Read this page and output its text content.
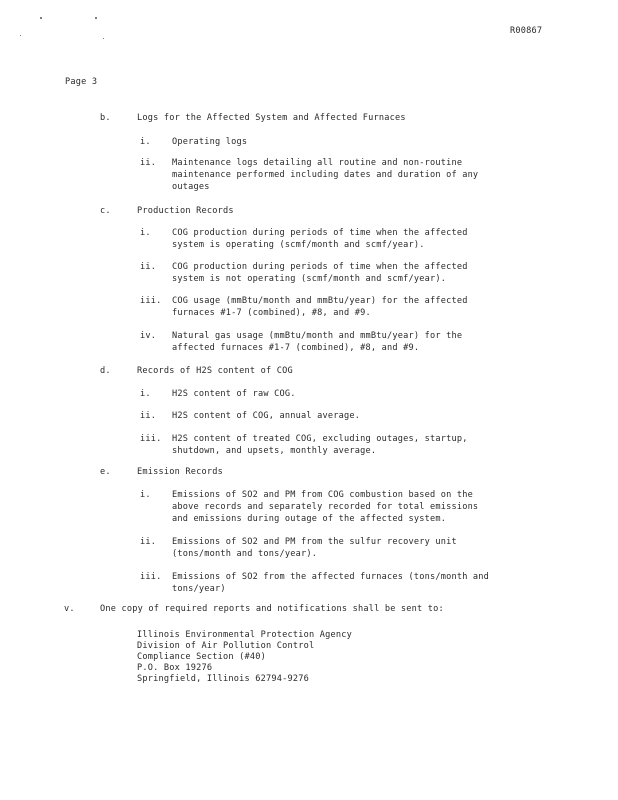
R00867
Page 3
b.	Logs for the Affected System and Affected Furnaces
i. Operating logs
ii. Maintenance logs detailing all routine and non-routine
maintenance performed including dates and duration of any
outages
c.	Production Records
i. COG production during periods of time when the affected
system is operating (scmf/month and scmf/year).
ii. COG production during periods of time when the affected
system is not operating (scmf/month and scmf/year).
iii. COG usage (mmBtu/month and mmBtu/year) for the affected
furnaces #1-7 (combined), #8, and #9.
iv. Natural gas usage (mmBtu/month and mmBtu/year) for the
affected furnaces #1-7 (combined), #8, and #9.
d.	Records of H2S content of COG
i. H2S content of raw COG.
ii. H2S content of COG, annual average.
iii. H2S content of treated COG, excluding outages, startup,
shutdown, and upsets, monthly average.
e.	Emission Records
i. Emissions of SO2 and PM from COG combustion based on the
above records and separately recorded for total emissions
and emissions during outage of the affected system.
ii. Emissions of SO2 and PM from the sulfur recovery unit
(tons/month and tons/year).
iii. Emissions of SO2 from the affected furnaces (tons/month and
tons/year)
v.	One copy of required reports and notifications shall be sent to:
Illinois Environmental Protection Agency
Division of Air Pollution Control
Compliance Section (#40)
P.O. Box 19276
Springfield, Illinois 62794-9276
